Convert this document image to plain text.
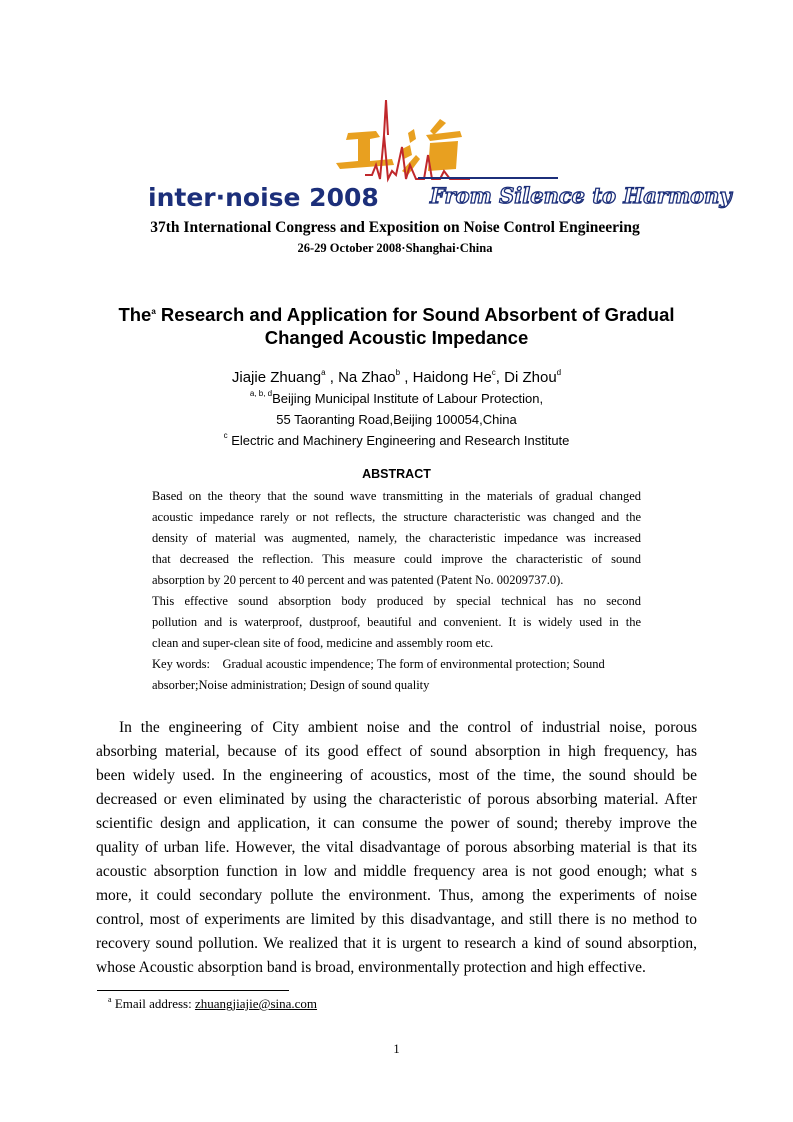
inter·noise 2008 From Silence to Harmony
37th International Congress and Exposition on Noise Control Engineering
26-29 October 2008·Shanghai·China
The$^a$ Research and Application for Sound Absorbent of Gradual
Changed Acoustic Impedance
Jiajie Zhuang$^a$ , Na Zhao$^b$ , Haidong He$^c$, Di Zhou$^d$
$^{a, b, d}$Beijing Municipal Institute of Labour Protection,
55 Taoranting Road,Beijing 100054,China
$^c$ Electric and Machinery Engineering and Research Institute
ABSTRACT
Based on the theory that the sound wave transmitting in the materials of gradual changed
acoustic impedance rarely or not reflects, the structure characteristic was changed and the
density of material was augmented, namely, the characteristic impedance was increased
that decreased the reflection. This measure could improve the characteristic of sound
absorption by 20 percent to 40 percent and was patented (Patent No. 00209737.0).
This effective sound absorption body produced by special technical has no second
pollution and is waterproof, dustproof, beautiful and convenient. It is widely used in the
clean and super-clean site of food, medicine and assembly room etc.
Key words:    Gradual acoustic impendence; The form of environmental protection; Sound
absorber;Noise administration; Design of sound quality
In the engineering of City ambient noise and the control of industrial noise, porous
absorbing material, because of its good effect of sound absorption in high frequency, has
been widely used. In the engineering of acoustics, most of the time, the sound should be
decreased or even eliminated by using the characteristic of porous absorbing material. After
scientific design and application, it can consume the power of sound; thereby improve the
quality of urban life. However, the vital disadvantage of porous absorbing material is that its
acoustic absorption function in low and middle frequency area is not good enough; what s
more, it could secondary pollute the environment. Thus, among the experiments of noise
control, most of experiments are limited by this disadvantage, and still there is no method to
recovery sound pollution. We realized that it is urgent to research a kind of sound absorption,
whose Acoustic absorption band is broad, environmentally protection and high effective.
$^a$ Email address: zhuangjiajie@sina.com
1
